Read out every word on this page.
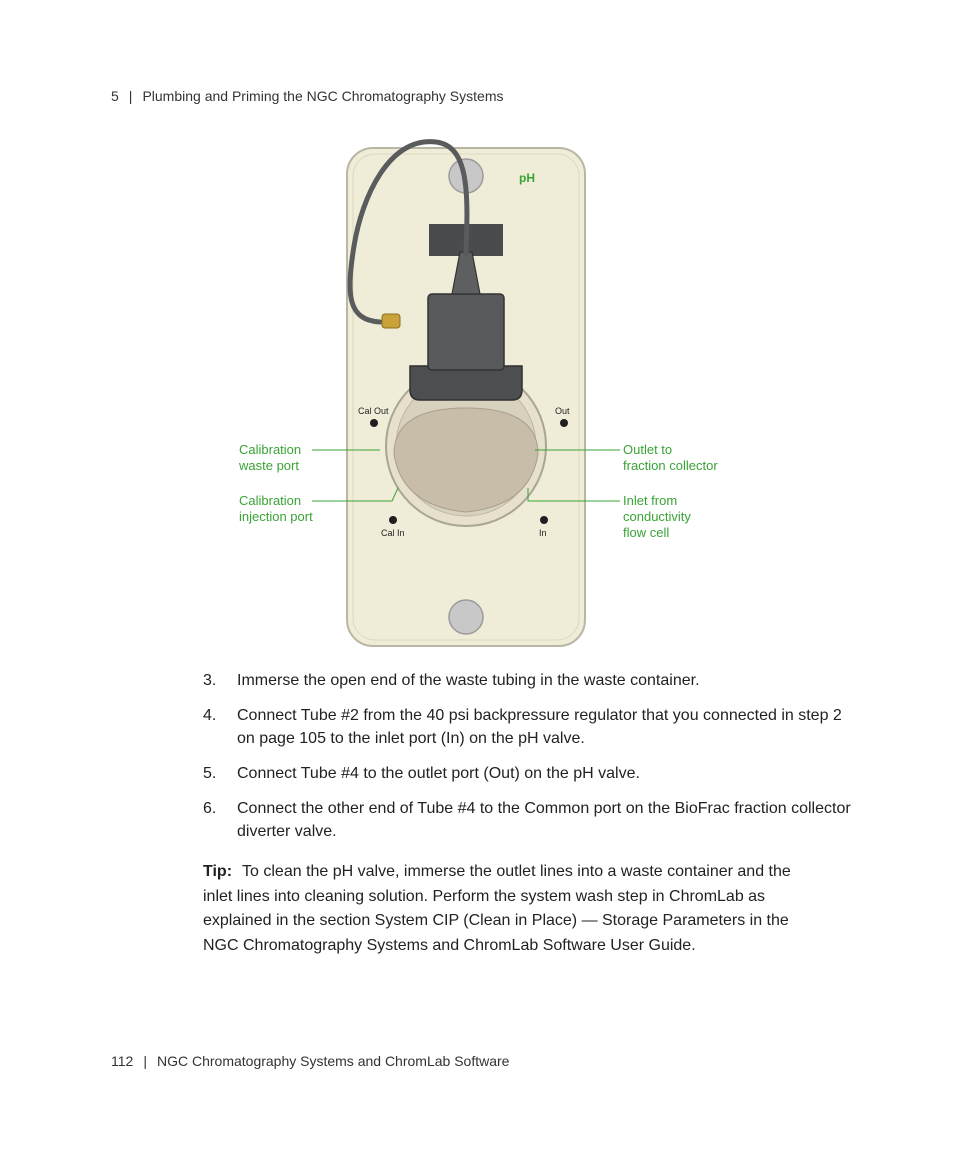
5 | Plumbing and Priming the NGC Chromatography Systems
pH
Cal Out	Out
Cal In	In
Calibration
waste port
Calibration
injection port
Outlet to
fraction collector
Inlet from
conductivity
flow cell
3.	Immerse the open end of the waste tubing in the waste container.
4.	Connect Tube #2 from the 40 psi backpressure regulator that you connected in step 2 on page 105 to the inlet port (In) on the pH valve.
5.	Connect Tube #4 to the outlet port (Out) on the pH valve.
6.	Connect the other end of Tube #4 to the Common port on the BioFrac fraction collector diverter valve.

Tip: To clean the pH valve, immerse the outlet lines into a waste container and the inlet lines into cleaning solution. Perform the system wash step in ChromLab as explained in the section System CIP (Clean in Place) — Storage Parameters in the NGC Chromatography Systems and ChromLab Software User Guide.

112 | NGC Chromatography Systems and ChromLab Software
